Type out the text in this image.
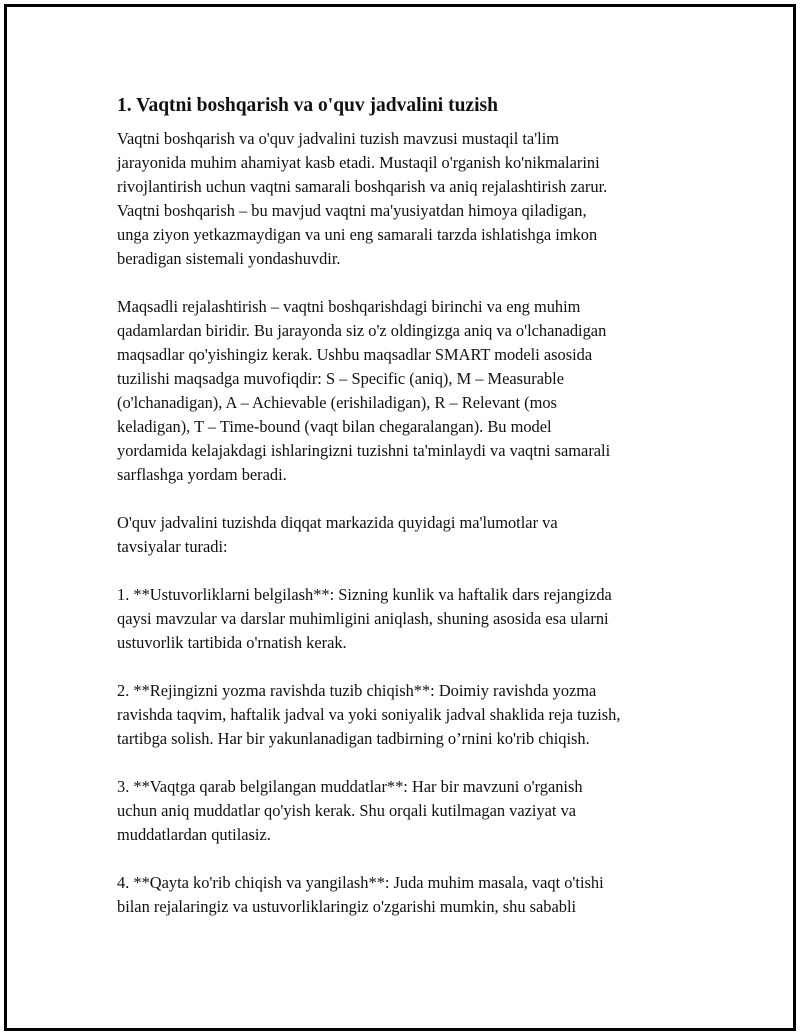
1. Vaqtni boshqarish va o'quv jadvalini tuzish

Vaqtni boshqarish va o'quv jadvalini tuzish mavzusi mustaqil ta'lim
jarayonida muhim ahamiyat kasb etadi. Mustaqil o'rganish ko'nikmalarini
rivojlantirish uchun vaqtni samarali boshqarish va aniq rejalashtirish zarur.
Vaqtni boshqarish – bu mavjud vaqtni ma'yusiyatdan himoya qiladigan,
unga ziyon yetkazmaydigan va uni eng samarali tarzda ishlatishga imkon
beradigan sistemali yondashuvdir.

Maqsadli rejalashtirish – vaqtni boshqarishdagi birinchi va eng muhim
qadamlardan biridir. Bu jarayonda siz o'z oldingizga aniq va o'lchanadigan
maqsadlar qo'yishingiz kerak. Ushbu maqsadlar SMART modeli asosida
tuzilishi maqsadga muvofiqdir: S – Specific (aniq), M – Measurable
(o'lchanadigan), A – Achievable (erishiladigan), R – Relevant (mos
keladigan), T – Time-bound (vaqt bilan chegaralangan). Bu model
yordamida kelajakdagi ishlaringizni tuzishni ta'minlaydi va vaqtni samarali
sarflashga yordam beradi.

O'quv jadvalini tuzishda diqqat markazida quyidagi ma'lumotlar va
tavsiyalar turadi:

1. **Ustuvorliklarni belgilash**: Sizning kunlik va haftalik dars rejangizda
qaysi mavzular va darslar muhimligini aniqlash, shuning asosida esa ularni
ustuvorlik tartibida o'rnatish kerak.

2. **Rejingizni yozma ravishda tuzib chiqish**: Doimiy ravishda yozma
ravishda taqvim, haftalik jadval va yoki soniyalik jadval shaklida reja tuzish,
tartibga solish. Har bir yakunlanadigan tadbirning o’rnini ko'rib chiqish.

3. **Vaqtga qarab belgilangan muddatlar**: Har bir mavzuni o'rganish
uchun aniq muddatlar qo'yish kerak. Shu orqali kutilmagan vaziyat va
muddatlardan qutilasiz.

4. **Qayta ko'rib chiqish va yangilash**: Juda muhim masala, vaqt o'tishi
bilan rejalaringiz va ustuvorliklaringiz o'zgarishi mumkin, shu sababli
